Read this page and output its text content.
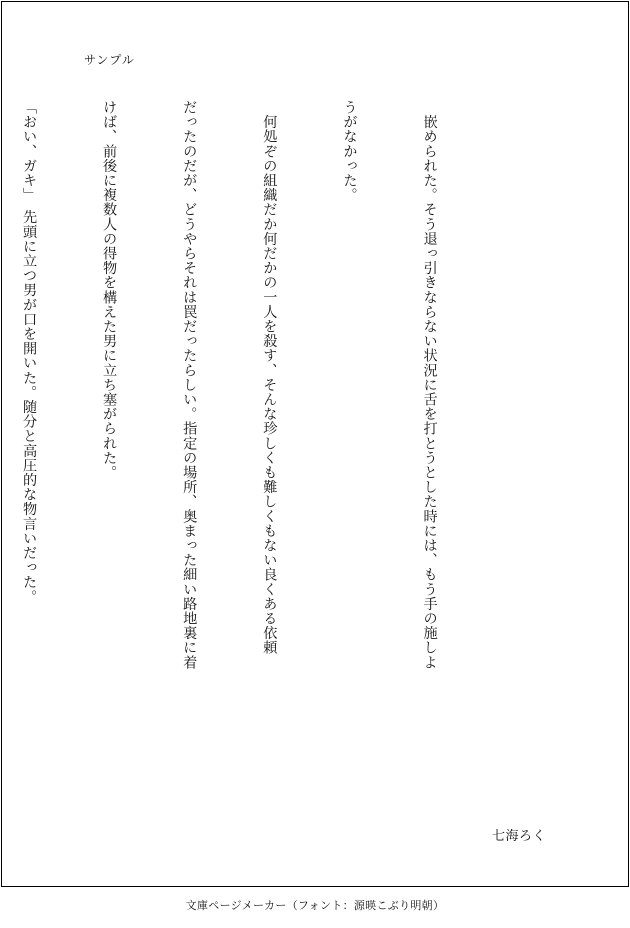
サンプル

　嵌められた。そう退っ引きならない状況に舌を打とうとした時には、もう手の施しよ

うがなかった。

　何処ぞの組織だか何だかの一人を殺す、そんな珍しくも難しくもない良くある依頼

だったのだが、どうやらそれは罠だったらしい。指定の場所、奥まった細い路地裏に着

けば、前後に複数人の得物を構えた男に立ち塞がられた。

「おい、ガキ」　先頭に立つ男が口を開いた。随分と高圧的な物言いだった。

七海ろく
文庫ページメーカー（フォント：源暎こぶり明朝）
